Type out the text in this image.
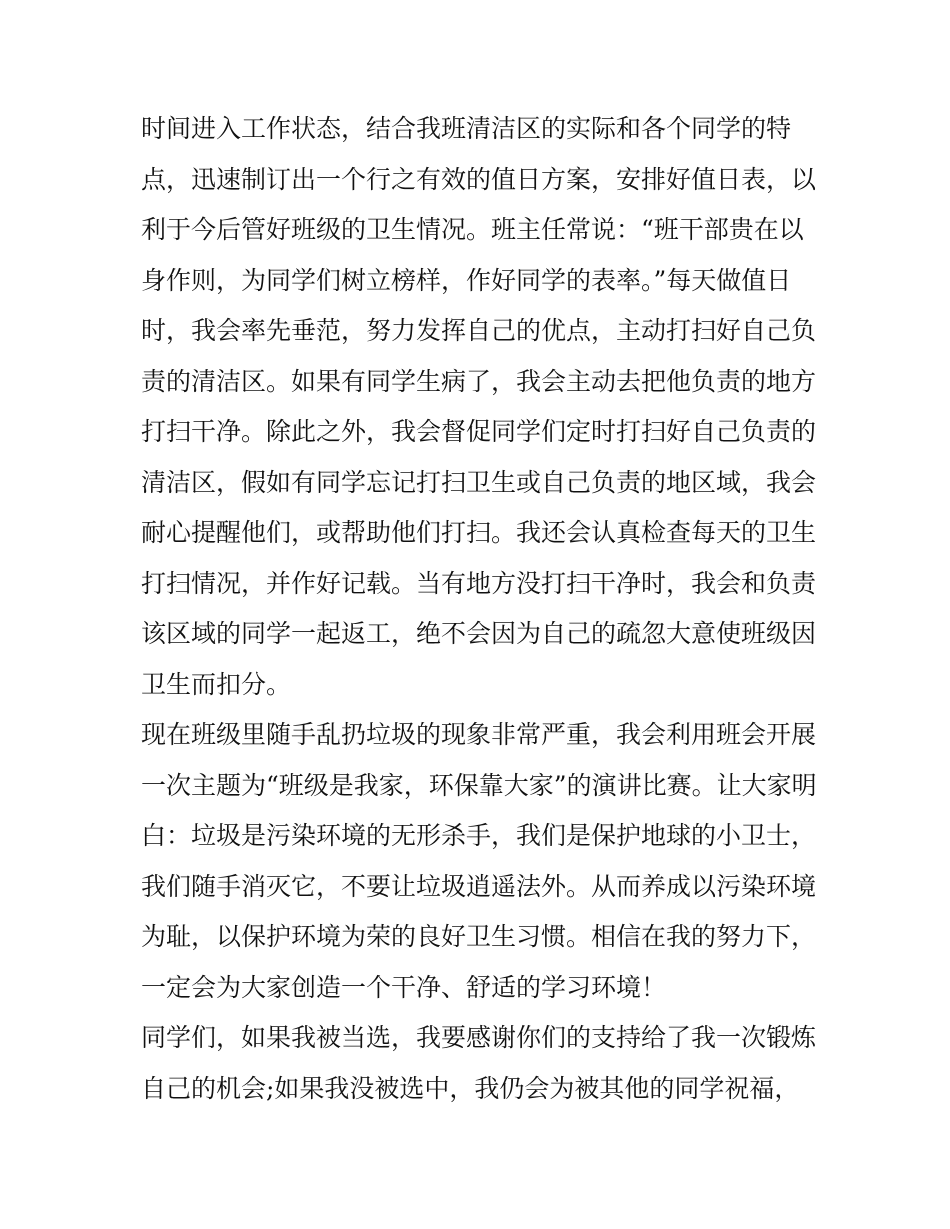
时间进入工作状态，结合我班清洁区的实际和各个同学的特
点，迅速制订出一个行之有效的值日方案，安排好值日表，以
利于今后管好班级的卫生情况。班主任常说：“班干部贵在以
身作则，为同学们树立榜样，作好同学的表率。”每天做值日
时，我会率先垂范，努力发挥自己的优点，主动打扫好自己负
责的清洁区。如果有同学生病了，我会主动去把他负责的地方
打扫干净。除此之外，我会督促同学们定时打扫好自己负责的
清洁区，假如有同学忘记打扫卫生或自己负责的地区域，我会
耐心提醒他们，或帮助他们打扫。我还会认真检查每天的卫生
打扫情况，并作好记载。当有地方没打扫干净时，我会和负责
该区域的同学一起返工，绝不会因为自己的疏忽大意使班级因
卫生而扣分。
现在班级里随手乱扔垃圾的现象非常严重，我会利用班会开展
一次主题为“班级是我家，环保靠大家”的演讲比赛。让大家明
白：垃圾是污染环境的无形杀手，我们是保护地球的小卫士，
我们随手消灭它，不要让垃圾逍遥法外。从而养成以污染环境
为耻，以保护环境为荣的良好卫生习惯。相信在我的努力下，
一定会为大家创造一个干净、舒适的学习环境！
同学们，如果我被当选，我要感谢你们的支持给了我一次锻炼
自己的机会;如果我没被选中，我仍会为被其他的同学祝福，
